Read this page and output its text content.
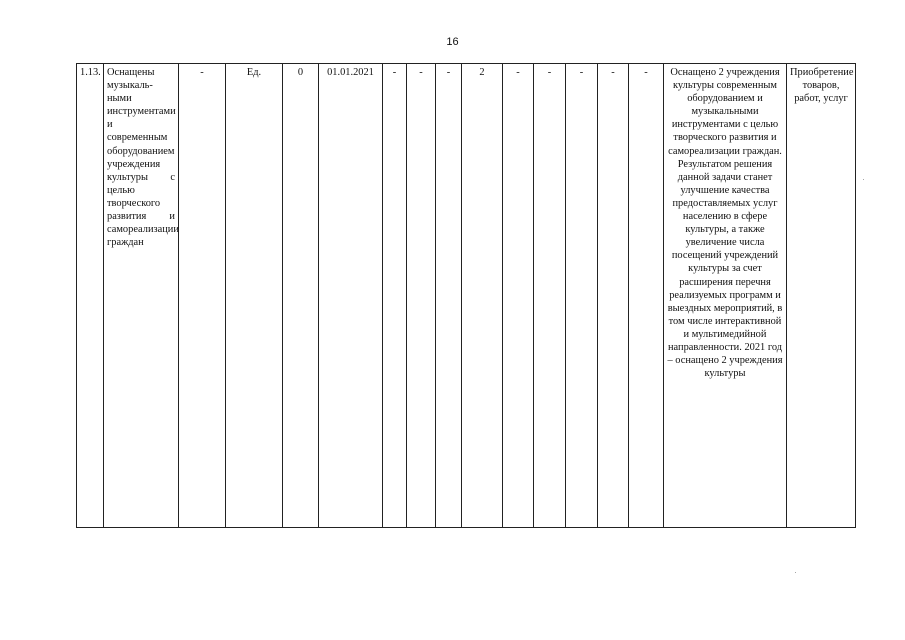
16
1.13.	Оснащены музыкаль-ными инструментами и современным оборудованием учреждения культуры с целью творческого развития и самореализации граждан	-	Ед.	0	01.01.2021	-	-	-	2	-	-	-	-	-	Оснащено 2 учреждения культуры современным оборудованием и музыкальными инструментами с целью творческого развития и самореализации граждан. Результатом решения данной задачи станет улучшение качества предоставляемых услуг населению в сфере культуры, а также увеличение числа посещений учреждений культуры за счет расширения перечня реализуемых программ и выездных мероприятий, в том числе интерактивной и мультимедийной направленности. 2021 год – оснащено 2 учреждения культуры	Приобретение товаров, работ, услуг
